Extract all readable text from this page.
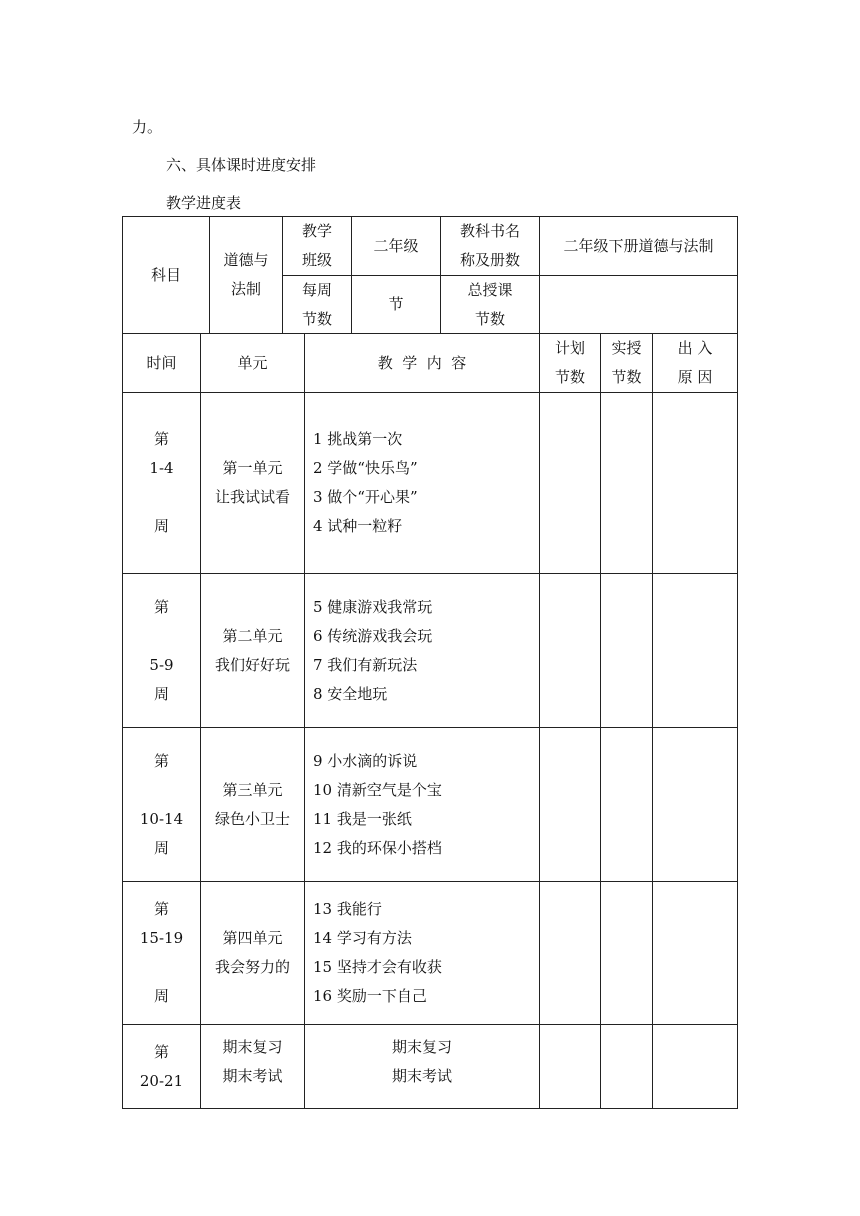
力。
六、具体课时进度安排
教学进度表
科目
道德与
法制
教学
班级
二年级
教科书名
称及册数
二年级下册道德与法制
每周
节数
节
总授课
节数
时间	单元	教  学  内  容
计划
节数
实授
节数
出 入
原 因
第
1-4
周
第一单元
让我试试看
1 挑战第一次
2 学做“快乐鸟”
3 做个“开心果”
4 试种一粒籽
第
5-9
周
第二单元
我们好好玩
5 健康游戏我常玩
6 传统游戏我会玩
7 我们有新玩法
8 安全地玩
第
10-14
周
第三单元
绿色小卫士
9 小水滴的诉说
10 清新空气是个宝
11 我是一张纸
12 我的环保小搭档
第
15-19
周
第四单元
我会努力的
13 我能行
14 学习有方法
15 坚持才会有收获
16 奖励一下自己
第
20-21
期末复习
期末考试
期末复习
期末考试
